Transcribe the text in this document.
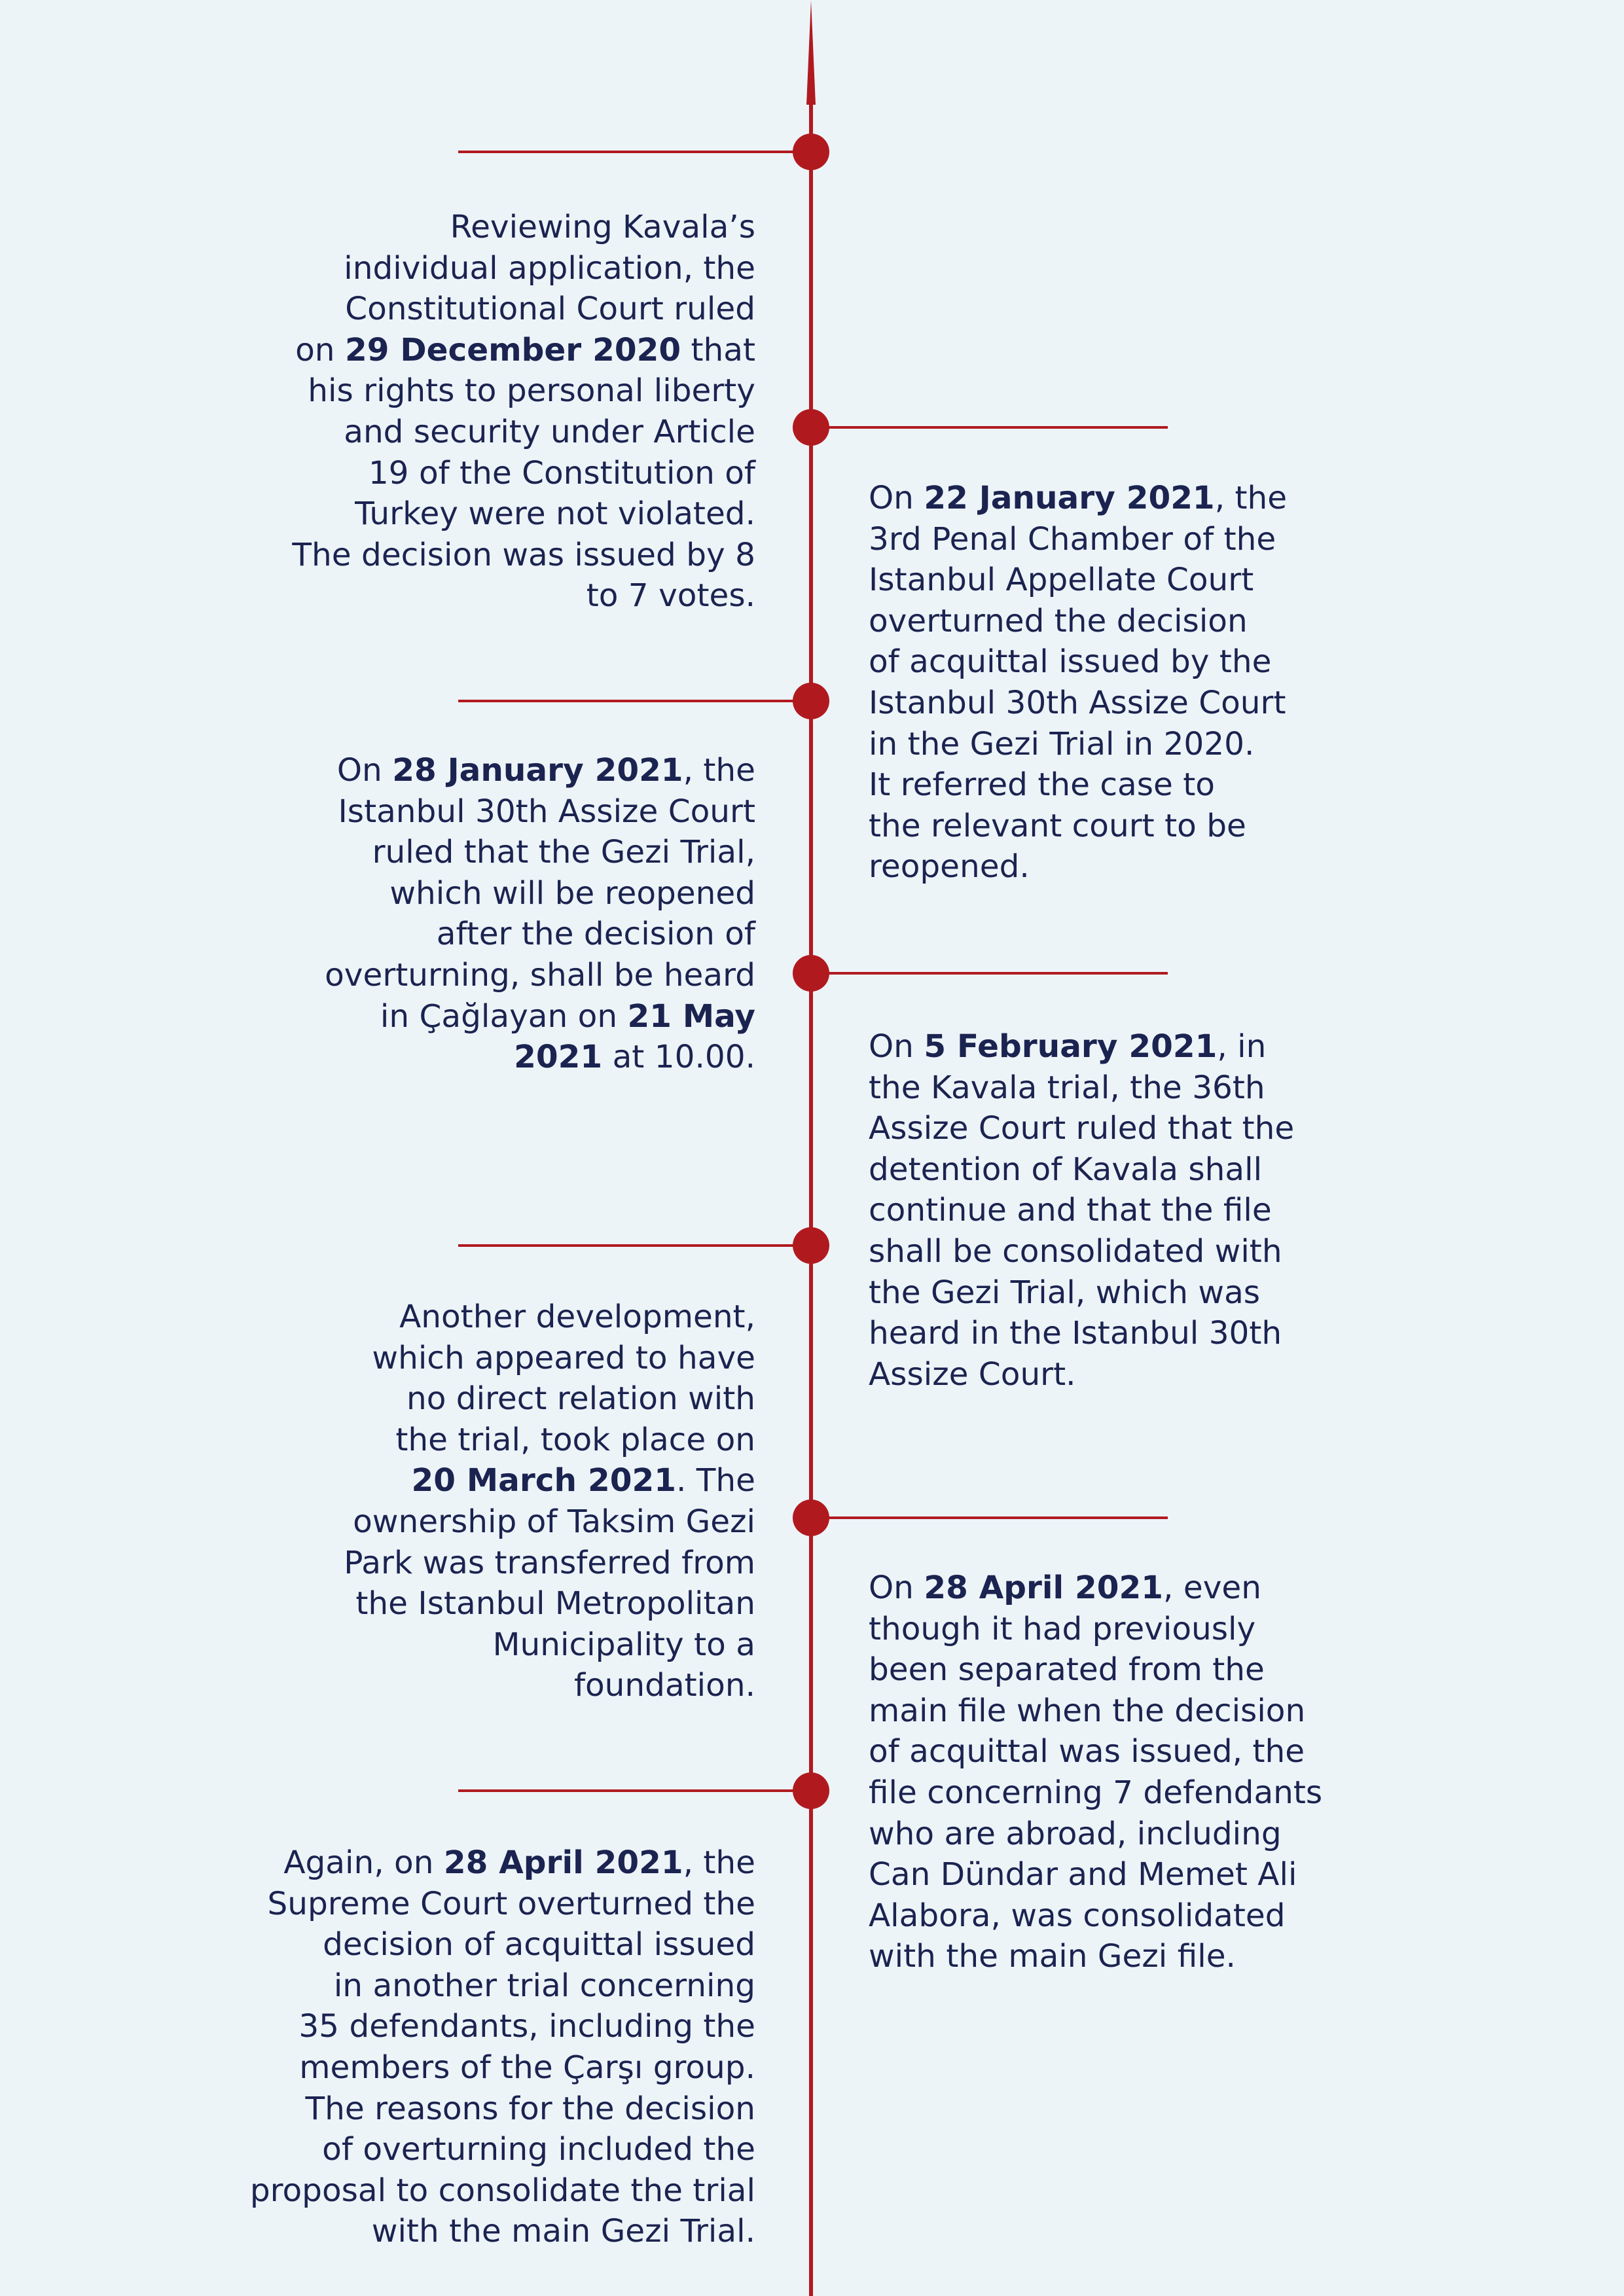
Reviewing Kavala’s
individual application, the
Constitutional Court ruled
on 29 December 2020 that
his rights to personal liberty
and security under Article
19 of the Constitution of
Turkey were not violated.
The decision was issued by 8
to 7 votes.

On 22 January 2021, the
3rd Penal Chamber of the
Istanbul Appellate Court
overturned the decision
of acquittal issued by the
Istanbul 30th Assize Court
in the Gezi Trial in 2020.
It referred the case to
the relevant court to be
reopened.

On 28 January 2021, the
Istanbul 30th Assize Court
ruled that the Gezi Trial,
which will be reopened
after the decision of
overturning, shall be heard
in Çağlayan on 21 May
2021 at 10.00.	On 5 February 2021, in
the Kavala trial, the 36th
Assize Court ruled that the
detention of Kavala shall
continue and that the file
shall be consolidated with
the Gezi Trial, which was
heard in the Istanbul 30th
Assize Court.

Another development,
which appeared to have
no direct relation with
the trial, took place on
20 March 2021. The
ownership of Taksim Gezi
Park was transferred from
the Istanbul Metropolitan
Municipality to a
foundation.

On 28 April 2021, even
though it had previously
been separated from the
main file when the decision
of acquittal was issued, the
file concerning 7 defendants
who are abroad, including
Can Dündar and Memet Ali
Alabora, was consolidated
with the main Gezi file.

Again, on 28 April 2021, the
Supreme Court overturned the
decision of acquittal issued
in another trial concerning
35 defendants, including the
members of the Çarşı group.
The reasons for the decision
of overturning included the
proposal to consolidate the trial
with the main Gezi Trial.
